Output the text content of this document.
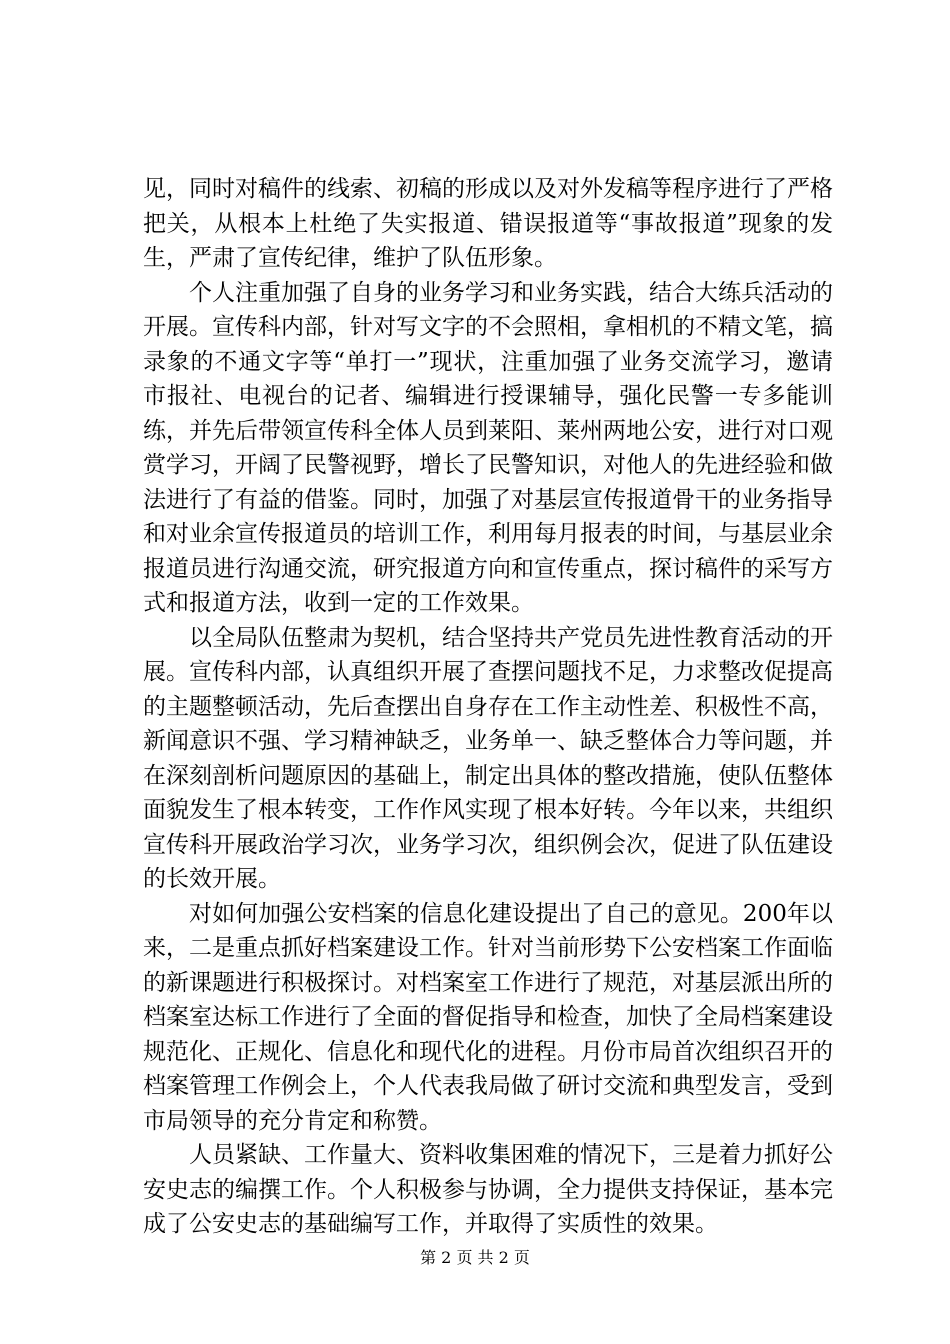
见，同时对稿件的线索、初稿的形成以及对外发稿等程序进行了严格把关，从根本上杜绝了失实报道、错误报道等“事故报道”现象的发生，严肃了宣传纪律，维护了队伍形象。

个人注重加强了自身的业务学习和业务实践，结合大练兵活动的开展。宣传科内部，针对写文字的不会照相，拿相机的不精文笔，搞录象的不通文字等“单打一”现状，注重加强了业务交流学习，邀请市报社、电视台的记者、编辑进行授课辅导，强化民警一专多能训练，并先后带领宣传科全体人员到莱阳、莱州两地公安，进行对口观赏学习，开阔了民警视野，增长了民警知识，对他人的先进经验和做法进行了有益的借鉴。同时，加强了对基层宣传报道骨干的业务指导和对业余宣传报道员的培训工作，利用每月报表的时间，与基层业余报道员进行沟通交流，研究报道方向和宣传重点，探讨稿件的采写方式和报道方法，收到一定的工作效果。

以全局队伍整肃为契机，结合坚持共产党员先进性教育活动的开展。宣传科内部，认真组织开展了查摆问题找不足，力求整改促提高的主题整顿活动，先后查摆出自身存在工作主动性差、积极性不高，新闻意识不强、学习精神缺乏，业务单一、缺乏整体合力等问题，并在深刻剖析问题原因的基础上，制定出具体的整改措施，使队伍整体面貌发生了根本转变，工作作风实现了根本好转。今年以来，共组织宣传科开展政治学习次，业务学习次，组织例会次，促进了队伍建设的长效开展。

对如何加强公安档案的信息化建设提出了自己的意见。200年以来，二是重点抓好档案建设工作。针对当前形势下公安档案工作面临的新课题进行积极探讨。对档案室工作进行了规范，对基层派出所的档案室达标工作进行了全面的督促指导和检查，加快了全局档案建设规范化、正规化、信息化和现代化的进程。月份市局首次组织召开的档案管理工作例会上，个人代表我局做了研讨交流和典型发言，受到市局领导的充分肯定和称赞。

人员紧缺、工作量大、资料收集困难的情况下，三是着力抓好公安史志的编撰工作。个人积极参与协调，全力提供支持保证，基本完成了公安史志的基础编写工作，并取得了实质性的效果。

第 2 页 共 2 页
